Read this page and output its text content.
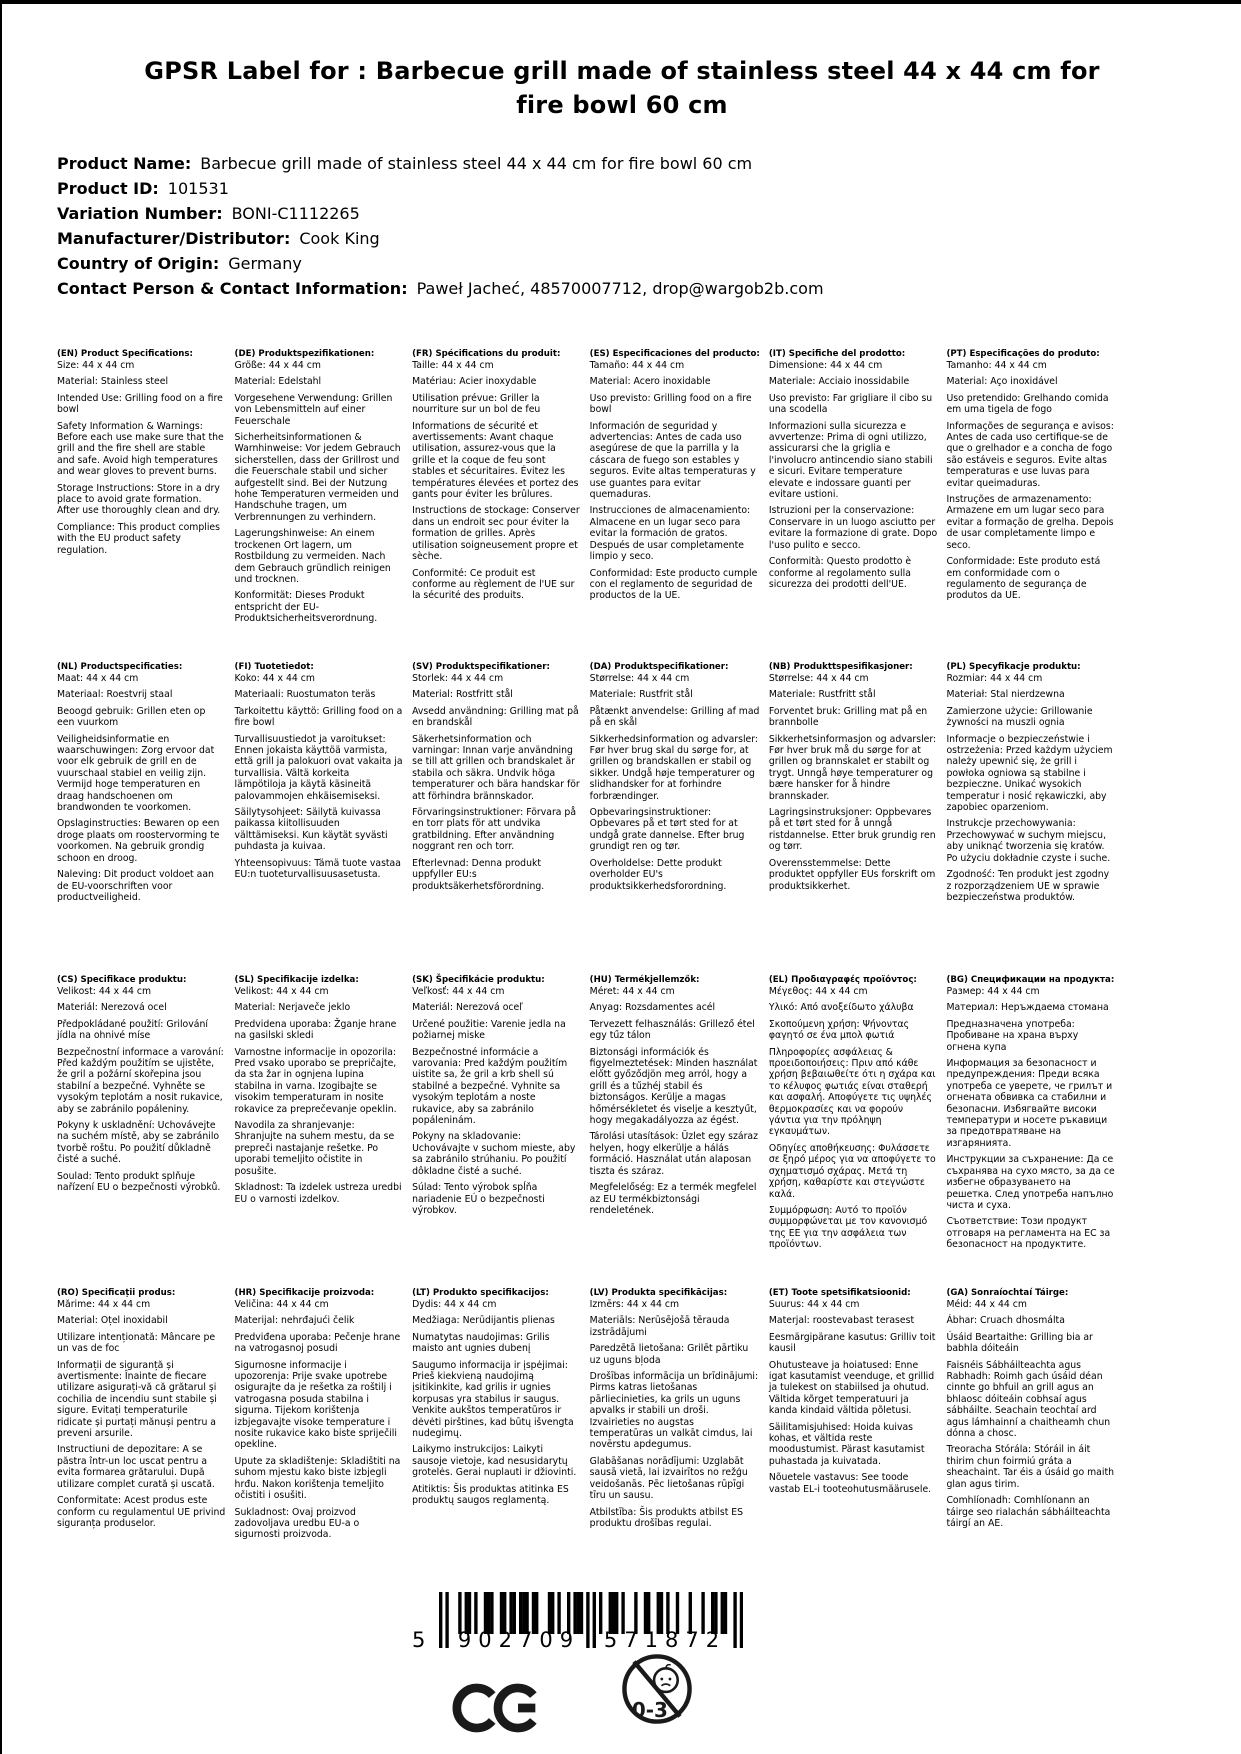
GPSR Label for : Barbecue grill made of stainless steel 44 x 44 cm for fire bowl 60 cm
Product Name: Barbecue grill made of stainless steel 44 x 44 cm for fire bowl 60 cm
Product ID: 101531
Variation Number: BONI-C1112265
Manufacturer/Distributor: Cook King
Country of Origin: Germany
Contact Person & Contact Information: Paweł Jacheć, 48570007712, drop@wargob2b.com
(EN) Product Specifications:

Size: 44 x 44 cm

Material: Stainless steel

Intended Use: Grilling food on a fire bowl

Safety Information & Warnings: Before each use make sure that the grill and the fire shell are stable and safe. Avoid high temperatures and wear gloves to prevent burns.

Storage Instructions: Store in a dry place to avoid grate formation. After use thoroughly clean and dry.

Compliance: This product complies with the EU product safety regulation.

(DE) Produktspezifikationen:

Größe: 44 x 44 cm

Material: Edelstahl

Vorgesehene Verwendung: Grillen von Lebensmitteln auf einer Feuerschale

Sicherheitsinformationen & Warnhinweise: Vor jedem Gebrauch sicherstellen, dass der Grillrost und die Feuerschale stabil und sicher aufgestellt sind. Bei der Nutzung hohe Temperaturen vermeiden und Handschuhe tragen, um Verbrennungen zu verhindern.

Lagerungshinweise: An einem trockenen Ort lagern, um Rostbildung zu vermeiden. Nach dem Gebrauch gründlich reinigen und trocknen.

Konformität: Dieses Produkt entspricht der EU-Produktsicherheitsverordnung.

(FR) Spécifications du produit:

Taille: 44 x 44 cm

Matériau: Acier inoxydable

Utilisation prévue: Griller la nourriture sur un bol de feu

Informations de sécurité et avertissements: Avant chaque utilisation, assurez-vous que la grille et la coque de feu sont stables et sécuritaires. Évitez les températures élevées et portez des gants pour éviter les brûlures.

Instructions de stockage: Conserver dans un endroit sec pour éviter la formation de grilles. Après utilisation soigneusement propre et sèche.

Conformité: Ce produit est conforme au règlement de l'UE sur la sécurité des produits.

(ES) Especificaciones del producto:

Tamaño: 44 x 44 cm

Material: Acero inoxidable

Uso previsto: Grilling food on a fire bowl

Información de seguridad y advertencias: Antes de cada uso asegúrese de que la parrilla y la cáscara de fuego son estables y seguros. Evite altas temperaturas y use guantes para evitar quemaduras.

Instrucciones de almacenamiento: Almacene en un lugar seco para evitar la formación de gratos. Después de usar completamente limpio y seco.

Conformidad: Este producto cumple con el reglamento de seguridad de productos de la UE.

(IT) Specifiche del prodotto:

Dimensione: 44 x 44 cm

Materiale: Acciaio inossidabile

Uso previsto: Far grigliare il cibo su una scodella

Informazioni sulla sicurezza e avvertenze: Prima di ogni utilizzo, assicurarsi che la griglia e l'involucro antincendio siano stabili e sicuri. Evitare temperature elevate e indossare guanti per evitare ustioni.

Istruzioni per la conservazione: Conservare in un luogo asciutto per evitare la formazione di grate. Dopo l'uso pulito e secco.

Conformità: Questo prodotto è conforme al regolamento sulla sicurezza dei prodotti dell'UE.

(PT) Especificações do produto:

Tamanho: 44 x 44 cm

Material: Aço inoxidável

Uso pretendido: Grelhando comida em uma tigela de fogo

Informações de segurança e avisos: Antes de cada uso certifique-se de que o grelhador e a concha de fogo são estáveis e seguros. Evite altas temperaturas e use luvas para evitar queimaduras.

Instruções de armazenamento: Armazene em um lugar seco para evitar a formação de grelha. Depois de usar completamente limpo e seco.

Conformidade: Este produto está em conformidade com o regulamento de segurança de produtos da UE.

(NL) Productspecificaties:

Maat: 44 x 44 cm

Materiaal: Roestvrij staal

Beoogd gebruik: Grillen eten op een vuurkom

Veiligheidsinformatie en waarschuwingen: Zorg ervoor dat voor elk gebruik de grill en de vuurschaal stabiel en veilig zijn. Vermijd hoge temperaturen en draag handschoenen om brandwonden te voorkomen.

Opslaginstructies: Bewaren op een droge plaats om roostervorming te voorkomen. Na gebruik grondig schoon en droog.

Naleving: Dit product voldoet aan de EU-voorschriften voor productveiligheid.

(FI) Tuotetiedot:

Koko: 44 x 44 cm

Materiaali: Ruostumaton teräs

Tarkoitettu käyttö: Grilling food on a fire bowl

Turvallisuustiedot ja varoitukset: Ennen jokaista käyttöä varmista, että grill ja palokuori ovat vakaita ja turvallisia. Vältä korkeita lämpötiloja ja käytä käsineitä palovammojen ehkäisemiseksi.

Säilytysohjeet: Säilytä kuivassa paikassa kiitollisuuden välttämiseksi. Kun käytät syvästi puhdasta ja kuivaa.

Yhteensopivuus: Tämä tuote vastaa EU:n tuoteturvallisuusasetusta.

(SV) Produktspecifikationer:

Storlek: 44 x 44 cm

Material: Rostfritt stål

Avsedd användning: Grilling mat på en brandskål

Säkerhetsinformation och varningar: Innan varje användning se till att grillen och brandskalet är stabila och säkra. Undvik höga temperaturer och bära handskar för att förhindra brännskador.

Förvaringsinstruktioner: Förvara på en torr plats för att undvika gratbildning. Efter användning noggrant ren och torr.

Efterlevnad: Denna produkt uppfyller EU:s produktsäkerhetsförordning.

(DA) Produktspecifikationer:

Størrelse: 44 x 44 cm

Materiale: Rustfrit stål

Påtænkt anvendelse: Grilling af mad på en skål

Sikkerhedsinformation og advarsler: Før hver brug skal du sørge for, at grillen og brandskallen er stabil og sikker. Undgå høje temperaturer og slidhandsker for at forhindre forbrændinger.

Opbevaringsinstruktioner: Opbevares på et tørt sted for at undgå grate dannelse. Efter brug grundigt ren og tør.

Overholdelse: Dette produkt overholder EU's produktsikkerhedsforordning.

(NB) Produkttspesifikasjoner:

Størrelse: 44 x 44 cm

Materiale: Rustfritt stål

Forventet bruk: Grilling mat på en brannbolle

Sikkerhetsinformasjon og advarsler: Før hver bruk må du sørge for at grillen og brannskalet er stabilt og trygt. Unngå høye temperaturer og bære hansker for å hindre brannskader.

Lagringsinstruksjoner: Oppbevares på et tørt sted for å unngå ristdannelse. Etter bruk grundig ren og tørr.

Overensstemmelse: Dette produktet oppfyller EUs forskrift om produktsikkerhet.

(PL) Specyfikacje produktu:

Rozmiar: 44 x 44 cm

Materiał: Stal nierdzewna

Zamierzone użycie: Grillowanie żywności na muszli ognia

Informacje o bezpieczeństwie i ostrzeżenia: Przed każdym użyciem należy upewnić się, że grill i powłoka ogniowa są stabilne i bezpieczne. Unikać wysokich temperatur i nosić rękawiczki, aby zapobiec oparzeniom.

Instrukcje przechowywania: Przechowywać w suchym miejscu, aby uniknąć tworzenia się kratów. Po użyciu dokładnie czyste i suche.

Zgodność: Ten produkt jest zgodny z rozporządzeniem UE w sprawie bezpieczeństwa produktów.

(CS) Specifikace produktu:

Velikost: 44 x 44 cm

Materiál: Nerezová ocel

Předpokládané použití: Grilování jídla na ohnivé míse

Bezpečnostní informace a varování: Před každým použitím se ujistěte, že gril a požární skořepina jsou stabilní a bezpečné. Vyhněte se vysokým teplotám a nosit rukavice, aby se zabránilo popáleniny.

Pokyny k uskladnění: Uchovávejte na suchém místě, aby se zabránilo tvorbě roštu. Po použití důkladně čisté a suché.

Soulad: Tento produkt splňuje nařízení EU o bezpečnosti výrobků.

(SL) Specifikacije izdelka:

Velikost: 44 x 44 cm

Material: Nerjaveče jeklo

Predvidena uporaba: Žganje hrane na gasilski skledi

Varnostne informacije in opozorila: Pred vsako uporabo se prepričajte, da sta žar in ognjena lupina stabilna in varna. Izogibajte se visokim temperaturam in nosite rokavice za preprečevanje opeklin.

Navodila za shranjevanje: Shranjujte na suhem mestu, da se prepreči nastajanje rešetke. Po uporabi temeljito očistite in posušite.

Skladnost: Ta izdelek ustreza uredbi EU o varnosti izdelkov.

(SK) Špecifikácie produktu:

Veľkosť: 44 x 44 cm

Materiál: Nerezová oceľ

Určené použitie: Varenie jedla na požiarnej miske

Bezpečnostné informácie a varovania: Pred každým použitím uistite sa, že gril a krb shell sú stabilné a bezpečné. Vyhnite sa vysokým teplotám a noste rukavice, aby sa zabránilo popáleninám.

Pokyny na skladovanie: Uchovávajte v suchom mieste, aby sa zabránilo strúhaniu. Po použití dôkladne čisté a suché.

Súlad: Tento výrobok spĺňa nariadenie EÚ o bezpečnosti výrobkov.

(HU) Termékjellemzők:

Méret: 44 x 44 cm

Anyag: Rozsdamentes acél

Tervezett felhasználás: Grillező étel egy tűz tálon

Biztonsági információk és figyelmeztetések: Minden használat előtt győződjön meg arról, hogy a grill és a tűzhéj stabil és biztonságos. Kerülje a magas hőmérsékletet és viselje a kesztyűt, hogy megakadályozza az égést.

Tárolási utasítások: Üzlet egy száraz helyen, hogy elkerülje a hálás formáció. Használat után alaposan tiszta és száraz.

Megfelelőség: Ez a termék megfelel az EU termékbiztonsági rendeletének.

(EL) Προδιαγραφές προϊόντος:

Μέγεθος: 44 x 44 cm

Υλικό: Από ανοξείδωτο χάλυβα

Σκοπούμενη χρήση: Ψήνοντας φαγητό σε ένα μπολ φωτιά

Πληροφορίες ασφάλειας & προειδοποιήσεις: Πριν από κάθε χρήση βεβαιωθείτε ότι η σχάρα και το κέλυφος φωτιάς είναι σταθερή και ασφαλή. Αποφύγετε τις υψηλές θερμοκρασίες και να φορούν γάντια για την πρόληψη εγκαυμάτων.

Οδηγίες αποθήκευσης: Φυλάσσετε σε ξηρό μέρος για να αποφύγετε το σχηματισμό σχάρας. Μετά τη χρήση, καθαρίστε και στεγνώστε καλά.

Συμμόρφωση: Αυτό το προϊόν συμμορφώνεται με τον κανονισμό της ΕΕ για την ασφάλεια των προϊόντων.

(BG) Спецификации на продукта:

Размер: 44 x 44 cm

Материал: Неръждаема стомана

Предназначена употреба: Пробиване на храна върху огнена купа

Информация за безопасност и предупреждения: Преди всяка употреба се уверете, че грилът и огнената обвивка са стабилни и безопасни. Избягвайте високи температури и носете ръкавици за предотвратяване на изгарянията.

Инструкции за съхранение: Да се съхранява на сухо място, за да се избегне образуването на решетка. След употреба напълно чиста и суха.

Съответствие: Този продукт отговаря на регламента на ЕС за безопасност на продуктите.

(RO) Specificații produs:

Mărime: 44 x 44 cm

Material: Oțel inoxidabil

Utilizare intenționată: Mâncare pe un vas de foc

Informații de siguranță și avertismente: Înainte de fiecare utilizare asigurați-vă că grătarul și cochilia de incendiu sunt stabile și sigure. Evitați temperaturile ridicate și purtați mănuși pentru a preveni arsurile.

Instructiuni de depozitare: A se păstra într-un loc uscat pentru a evita formarea grătarului. După utilizare complet curată și uscată.

Conformitate: Acest produs este conform cu regulamentul UE privind siguranța produselor.

(HR) Specifikacije proizvoda:

Veličina: 44 x 44 cm

Materijal: nehrđajući čelik

Predviđena uporaba: Pečenje hrane na vatrogasnoj posudi

Sigurnosne informacije i upozorenja: Prije svake upotrebe osigurajte da je rešetka za roštilj i vatrogasna posuda stabilna i sigurna. Tijekom korištenja izbjegavajte visoke temperature i nosite rukavice kako biste spriječili opekline.

Upute za skladištenje: Skladištiti na suhom mjestu kako biste izbjegli hrđu. Nakon korištenja temeljito očistiti i osušiti.

Sukladnost: Ovaj proizvod zadovoljava uredbu EU-a o sigurnosti proizvoda.

(LT) Produkto specifikacijos:

Dydis: 44 x 44 cm

Medžiaga: Nerūdijantis plienas

Numatytas naudojimas: Grilis maisto ant ugnies dubenį

Saugumo informacija ir įspėjimai: Prieš kiekvieną naudojimą įsitikinkite, kad grilis ir ugnies korpusas yra stabilus ir saugus. Venkite aukštos temperatūros ir dėvėti pirštines, kad būtų išvengta nudegimų.

Laikymo instrukcijos: Laikyti sausoje vietoje, kad nesusidarytų grotelės. Gerai nuplauti ir džiovinti.

Atitiktis: Šis produktas atitinka ES produktų saugos reglamentą.

(LV) Produkta specifikācijas:

Izmērs: 44 x 44 cm

Materiāls: Nerūsējošā tērauda izstrādājumi

Paredzētā lietošana: Grilēt pārtiku uz uguns bļoda

Drošības informācija un brīdinājumi: Pirms katras lietošanas pārliecinieties, ka grils un uguns apvalks ir stabili un droši. Izvairieties no augstas temperatūras un valkāt cimdus, lai novērstu apdegumus.

Glabāšanas norādījumi: Uzglabāt sausā vietā, lai izvairītos no režģu veidošanās. Pēc lietošanas rūpīgi tīru un sausu.

Atbilstība: Šis produkts atbilst ES produktu drošības regulai.

(ET) Toote spetsifikatsioonid:

Suurus: 44 x 44 cm

Materjal: roostevabast terasest

Eesmärgipärane kasutus: Grilliv toit kausil

Ohutusteave ja hoiatused: Enne igat kasutamist veenduge, et grillid ja tulekest on stabiilsed ja ohutud. Vältida kõrget temperatuuri ja kanda kindaid vältida põletusi.

Säilitamisjuhised: Hoida kuivas kohas, et vältida reste moodustumist. Pärast kasutamist puhastada ja kuivatada.

Nõuetele vastavus: See toode vastab EL-i tooteohutusmäärusele.

(GA) Sonraíochtaí Táirge:

Méid: 44 x 44 cm

Ábhar: Cruach dhosmálta

Úsáid Beartaithe: Grilling bia ar babhla dóiteáin

Faisnéis Sábháilteachta agus Rabhadh: Roimh gach úsáid déan cinnte go bhfuil an grill agus an bhlaosc dóiteáin cobhsaí agus sábháilte. Seachain teochtaí ard agus lámhainní a chaitheamh chun dónna a chosc.

Treoracha Stórála: Stóráil in áit thirim chun foirmiú gráta a sheachaint. Tar éis a úsáid go maith glan agus tirim.

Comhlíonadh: Comhlíonann an táirge seo rialachán sábháilteachta táirgí an AE.

5	902709	571872
0-3
